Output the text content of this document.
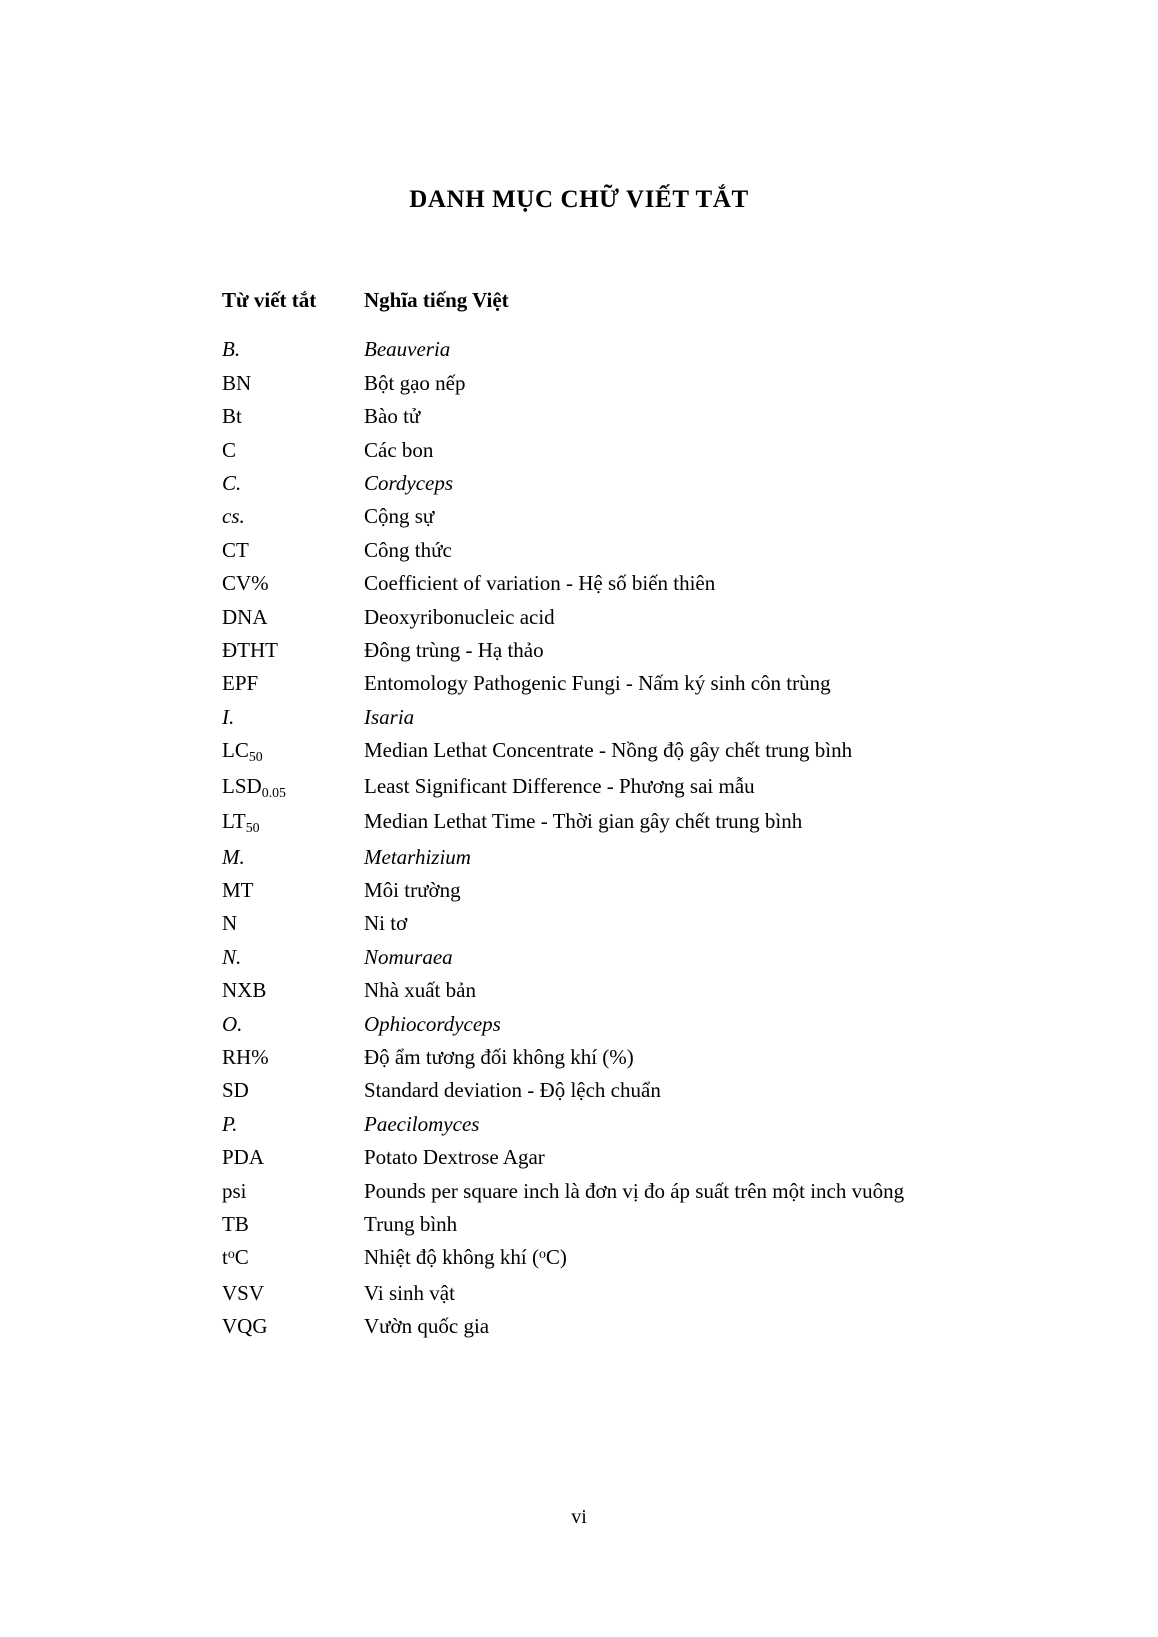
DANH MỤC CHỮ VIẾT TẮT
Từ viết tắt	Nghĩa tiếng Việt
B.	Beauveria
BN	Bột gạo nếp
Bt	Bào tử
C	Các bon
C.	Cordyceps
cs.	Cộng sự
CT	Công thức
CV%	Coefficient of variation - Hệ số biến thiên
DNA	Deoxyribonucleic acid
ĐTHT	Đông trùng - Hạ thảo
EPF	Entomology Pathogenic Fungi - Nấm ký sinh côn trùng
I.	Isaria
$LC_{50}$	Median Lethat Concentrate - Nồng độ gây chết trung bình
$LSD_{0.05}$	Least Significant Difference - Phương sai mẫu
$LT_{50}$	Median Lethat Time - Thời gian gây chết trung bình
M.	Metarhizium
MT	Môi trường
N	Ni tơ
N.	Nomuraea
NXB	Nhà xuất bản
O.	Ophiocordyceps
RH%	Độ ẩm tương đối không khí (%)
SD	Standard deviation - Độ lệch chuẩn
P.	Paecilomyces
PDA	Potato Dextrose Agar
psi	Pounds per square inch là đơn vị đo áp suất trên một inch vuông
TB	Trung bình
$t^oC$	Nhiệt độ không khí ($^o$C)
VSV	Vi sinh vật
VQG	Vườn quốc gia
vi
